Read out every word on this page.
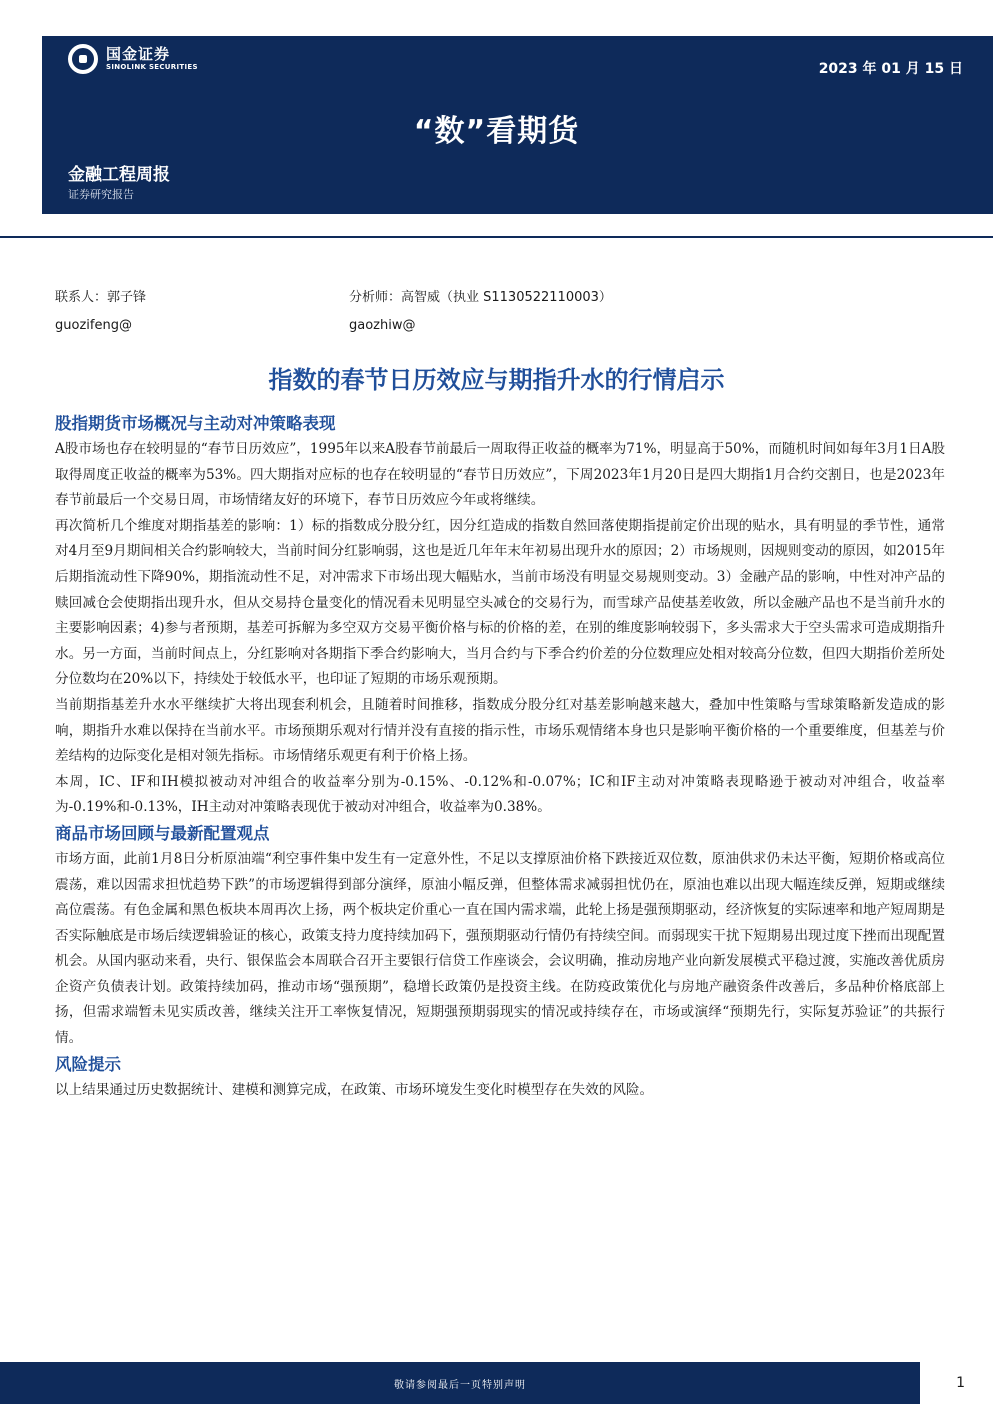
国金证券
SINOLINK SECURITIES	2023 年 01 月 15 日
“数”看期货
金融工程周报
证券研究报告
联系人：郭子锋
guozifeng@
分析师：高智威（执业 S1130522110003）
gaozhiw@
指数的春节日历效应与期指升水的行情启示
股指期货市场概况与主动对冲策略表现

A股市场也存在较明显的“春节日历效应”，1995年以来A股春节前最后一周取得正收益的概率为71%，明显高于50%，而随机时间如每年3月1日A股取得周度正收益的概率为53%。四大期指对应标的也存在较明显的“春节日历效应”，下周2023年1月20日是四大期指1月合约交割日，也是2023年春节前最后一个交易日周，市场情绪友好的环境下，春节日历效应今年或将继续。

再次简析几个维度对期指基差的影响：1）标的指数成分股分红，因分红造成的指数自然回落使期指提前定价出现的贴水，具有明显的季节性，通常对4月至9月期间相关合约影响较大，当前时间分红影响弱，这也是近几年年末年初易出现升水的原因；2）市场规则，因规则变动的原因，如2015年后期指流动性下降90%，期指流动性不足，对冲需求下市场出现大幅贴水，当前市场没有明显交易规则变动。3）金融产品的影响，中性对冲产品的赎回减仓会使期指出现升水，但从交易持仓量变化的情况看未见明显空头减仓的交易行为，而雪球产品使基差收敛，所以金融产品也不是当前升水的主要影响因素；4)参与者预期，基差可拆解为多空双方交易平衡价格与标的价格的差，在别的维度影响较弱下，多头需求大于空头需求可造成期指升水。另一方面，当前时间点上，分红影响对各期指下季合约影响大，当月合约与下季合约价差的分位数理应处相对较高分位数，但四大期指价差所处分位数均在20%以下，持续处于较低水平，也印证了短期的市场乐观预期。

当前期指基差升水水平继续扩大将出现套利机会，且随着时间推移，指数成分股分红对基差影响越来越大，叠加中性策略与雪球策略新发造成的影响，期指升水难以保持在当前水平。市场预期乐观对行情并没有直接的指示性，市场乐观情绪本身也只是影响平衡价格的一个重要维度，但基差与价差结构的边际变化是相对领先指标。市场情绪乐观更有利于价格上扬。

本周，IC、IF和IH模拟被动对冲组合的收益率分别为-0.15%、-0.12%和-0.07%；IC和IF主动对冲策略表现略逊于被动对冲组合，收益率为-0.19%和-0.13%，IH主动对冲策略表现优于被动对冲组合，收益率为0.38%。

商品市场回顾与最新配置观点

市场方面，此前1月8日分析原油端“利空事件集中发生有一定意外性，不足以支撑原油价格下跌接近双位数，原油供求仍未达平衡，短期价格或高位震荡，难以因需求担忧趋势下跌”的市场逻辑得到部分演绎，原油小幅反弹，但整体需求减弱担忧仍在，原油也难以出现大幅连续反弹，短期或继续高位震荡。有色金属和黑色板块本周再次上扬，两个板块定价重心一直在国内需求端，此轮上扬是强预期驱动，经济恢复的实际速率和地产短周期是否实际触底是市场后续逻辑验证的核心，政策支持力度持续加码下，强预期驱动行情仍有持续空间。而弱现实干扰下短期易出现过度下挫而出现配置机会。从国内驱动来看，央行、银保监会本周联合召开主要银行信贷工作座谈会，会议明确，推动房地产业向新发展模式平稳过渡，实施改善优质房企资产负债表计划。政策持续加码，推动市场“强预期”，稳增长政策仍是投资主线。在防疫政策优化与房地产融资条件改善后，多品种价格底部上扬，但需求端暂未见实质改善，继续关注开工率恢复情况，短期强预期弱现实的情况或持续存在，市场或演绎“预期先行，实际复苏验证”的共振行情。

风险提示

以上结果通过历史数据统计、建模和测算完成，在政策、市场环境发生变化时模型存在失效的风险。

敬请参阅最后一页特别声明	1
